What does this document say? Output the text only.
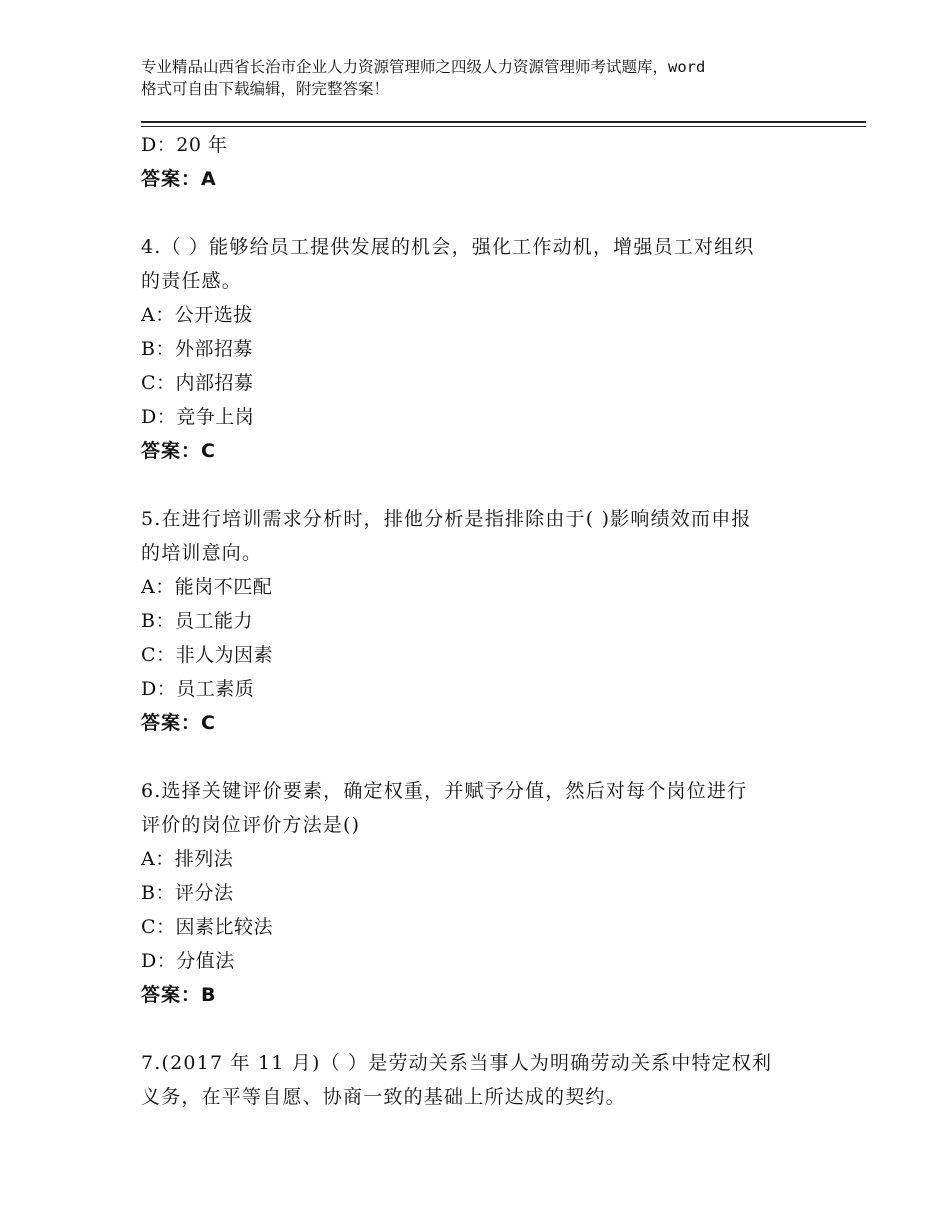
专业精品山西省长治市企业人力资源管理师之四级人力资源管理师考试题库，word
格式可自由下载编辑，附完整答案！
D：20 年
答案：A
4.（ ）能够给员工提供发展的机会，强化工作动机，增强员工对组织
的责任感。
A：公开选拔
B：外部招募
C：内部招募
D：竞争上岗
答案：C
5.在进行培训需求分析时，排他分析是指排除由于( )影响绩效而申报
的培训意向。
A：能岗不匹配
B：员工能力
C：非人为因素
D：员工素质
答案：C
6.选择关键评价要素，确定权重，并赋予分值，然后对每个岗位进行
评价的岗位评价方法是()
A：排列法
B：评分法
C：因素比较法
D：分值法
答案：B
7.(2017 年 11 月)（ ）是劳动关系当事人为明确劳动关系中特定权利
义务，在平等自愿、协商一致的基础上所达成的契约。
